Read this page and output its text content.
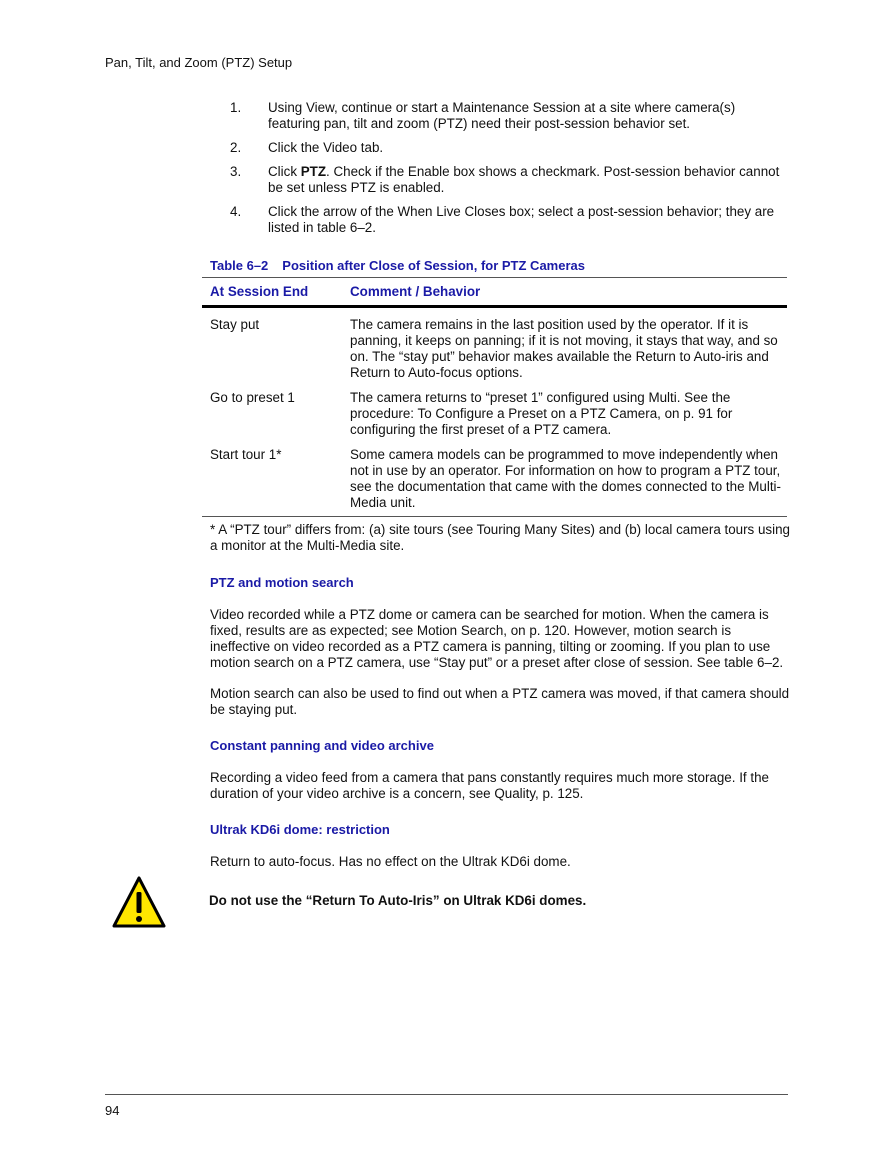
Pan, Tilt, and Zoom (PTZ) Setup
1.	Using View, continue or start a Maintenance Session at a site where camera(s) featuring pan, tilt and zoom (PTZ) need their post-session behavior set.
2.	Click the Video tab.
3.	Click PTZ. Check if the Enable box shows a checkmark. Post-session behavior cannot be set unless PTZ is enabled.
4.	Click the arrow of the When Live Closes box; select a post-session behavior; they are listed in table 6–2.
Table 6–2 Position after Close of Session, for PTZ Cameras
At Session End	Comment / Behavior
Stay put	The camera remains in the last position used by the operator. If it is panning, it keeps on panning; if it is not moving, it stays that way, and so on. The “stay put” behavior makes available the Return to Auto-iris and Return to Auto-focus options.
Go to preset 1	The camera returns to “preset 1” configured using Multi. See the procedure: To Configure a Preset on a PTZ Camera, on p. 91 for configuring the first preset of a PTZ camera.
Start tour 1*	Some camera models can be programmed to move independently when not in use by an operator. For information on how to program a PTZ tour, see the documentation that came with the domes connected to the Multi-Media unit.

* A “PTZ tour” differs from: (a) site tours (see Touring Many Sites) and (b) local camera tours using a monitor at the Multi-Media site.

PTZ and motion search

Video recorded while a PTZ dome or camera can be searched for motion. When the camera is fixed, results are as expected; see Motion Search, on p. 120. However, motion search is ineffective on video recorded as a PTZ camera is panning, tilting or zooming. If you plan to use motion search on a PTZ camera, use “Stay put” or a preset after close of session. See table 6–2.

Motion search can also be used to find out when a PTZ camera was moved, if that camera should be staying put.

Constant panning and video archive

Recording a video feed from a camera that pans constantly requires much more storage. If the duration of your video archive is a concern, see Quality, p. 125.

Ultrak KD6i dome: restriction

Return to auto-focus. Has no effect on the Ultrak KD6i dome.

Do not use the “Return To Auto-Iris” on Ultrak KD6i domes.
94
